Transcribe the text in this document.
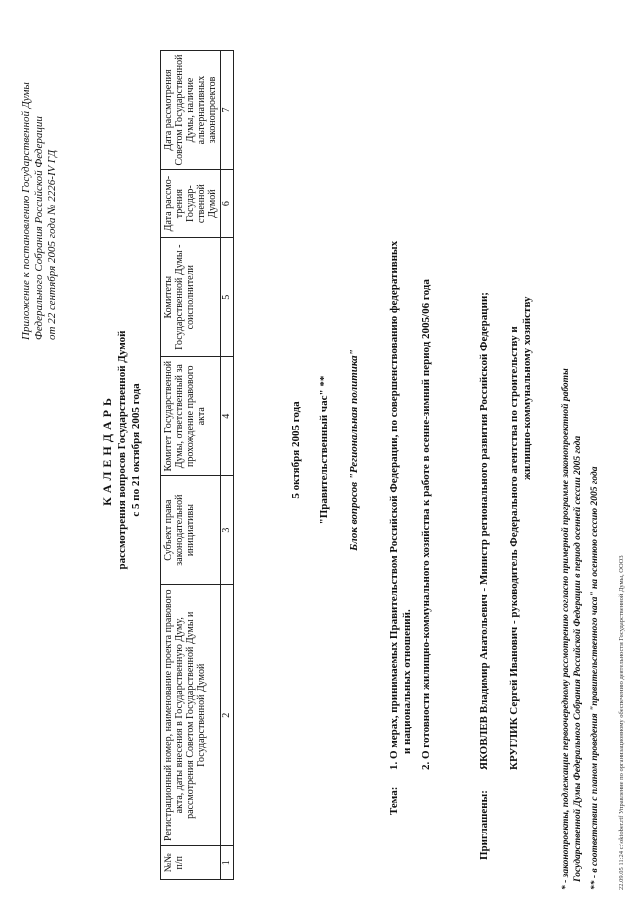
Приложение к постановлению Государственной Думы Федерального Собрания Российской Федерации от 22 сентября 2005 года № 2226-IV ГД
КАЛЕНДАРЬ рассмотрения вопросов Государственной Думой с 5 по 21 октября 2005 года
№№ п/п	Регистрационный номер, наименование проекта правового акта, даты внесения в Государственную Думу, рассмотрения Советом Государственной Думы и Государственной Думой	Субъект права законодательной инициативы	Комитет Государственной Думы, ответственный за прохождение правового акта	Комитеты Государственной Думы - соисполнители	Дата рассмо-трения Государ-ственной Думой	Дата рассмотрения Советом Государственной Думы, наличие альтернативных законопроектов
1	2	3	4	5	6	7
5 октября 2005 года "Правительственный час" ** Блок вопросов "Региональная политика"
Тема:
1. О мерах, принимаемых Правительством Российской Федерации, по совершенствованию федеративных и национальных отношений. 2. О готовности жилищно-коммунального хозяйства к работе в осенне-зимний период 2005/06 года
Приглашены:
ЯКОВЛЕВ Владимир Анатольевич - Министр регионального развития Российской Федерации; КРУГЛИК Сергей Иванович - руководитель Федерального агентства по строительству и жилищно-коммунальному хозяйству	* - законопроекты, подлежащие первоочередному рассмотрению согласно примерной программе законопроектной работы Государственной Думы Федерального Собрания Российской Федерации в период осенней сессии 2005 года ** - в соответствии с планом проведения "правительственного часа" на осеннюю сессию 2005 года	22.09.05 11:24 c:\oktober.rtf Управление по организационному обеспечению деятельности Государственной Думы, ООО3
